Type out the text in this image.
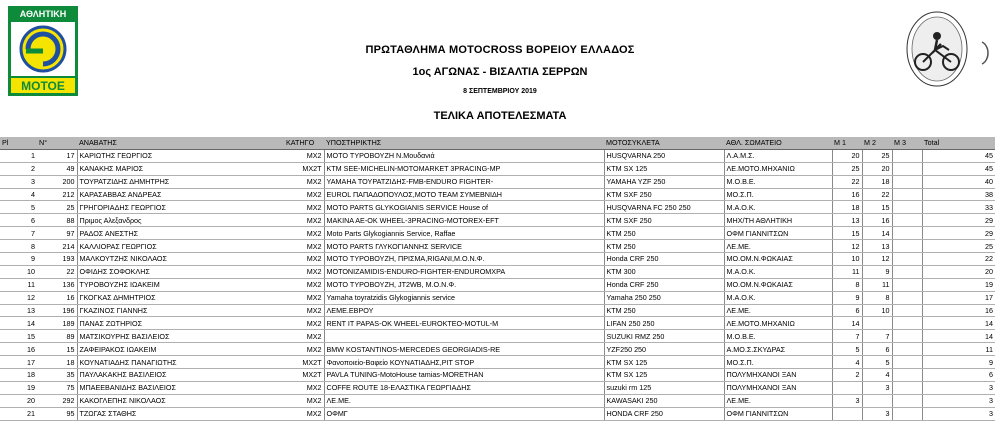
ΑΘΛΗΤΙΚΗ
MOTOE
ΠΡΩΤΑΘΛΗΜΑ MOTOCROSS ΒΟΡΕΙΟΥ ΕΛΛΑΔΟΣ
1ος ΑΓΩΝΑΣ - ΒΙΣΑΛΤΙΑ ΣΕΡΡΩΝ
8 ΣΕΠΤΕΜΒΡΙΟΥ 2019
ΤΕΛΙΚΑ ΑΠΟΤΕΛΕΣΜΑΤΑ
Pl	N°	ΑΝΑΒΑΤΗΣ	ΚΑΤΗΓΟ	ΥΠΟΣΤΗΡΙΚΤΗΣ	ΜΟΤΟΣΥΚΛΕΤΑ	ΑΘΛ. ΣΩΜΑΤΕΙΟ	Μ 1	Μ 2	Μ 3	Total
1	17	ΚΑΡΙΩΤΗΣ ΓΕΩΡΓΙΟΣ	MX2	MOTO ΤΥΡΟΒΟΥΖΗ Ν.Μουδανιά	HUSQVARNA 250	Λ.Α.Μ.Σ.	20	25		45
2	49	ΚΑΝΑΚΗΣ ΜΑΡΙΟΣ	MX2T	KTM SEE-MICHELIN-MOTOMARKET 3PRACING-MP	KTM SX 125	ΛΕ.ΜΟΤΟ.ΜΗΧΑΝΙΩ	25	20		45
3	200	ΤΟΥΡΑΤΖΙΔΗΣ ΔΗΜΗΤΡΗΣ	MX2	YAMAHA ΤΟΥΡΑΤΖΙΔΗΣ-FMB-ENDURO FIGHTER-	YAMAHA YZF 250	Μ.Ο.Β.Ε.	22	18		40
4	212	ΚΑΡΑΣΑΒΒΑΣ ΑΝΔΡΕΑΣ	MX2	EUROL ΠΑΠΑΔΟΠΟΥΛΟΣ,MOTO TEAM ΣΥΜΕΒΝΙΔΗ	KTM SXF 250	ΜΟ.Σ.Π.	16	22		38
5	25	ΓΡΗΓΟΡΙΑΔΗΣ ΓΕΩΡΓΙΟΣ	MX2	MOTO PARTS GLYKOGIANIS SERVICE House of	HUSQVARNA FC 250 250	Μ.Α.Ο.Κ.	18	15		33
6	88	Πριμος Αλεξανδρος	MX2	MAKINA AE-OK WHEEL-3PRACING-MOTOREX-EFT	KTM SXF 250	ΜΗΧ/ΤΗ ΑΘΛΗΤΙΚΗ	13	16		29
7	97	ΡΑΔΟΣ ΑΝΕΣΤΗΣ	MX2	Moto Parts Glykogiannis Service, Raffae	KTM 250	ΟΦΜ ΓΙΑΝΝΙΤΣΩΝ	15	14		29
8	214	ΚΑΛΛΙΟΡΑΣ ΓΕΩΡΓΙΟΣ	MX2	MOTO PARTS ΓΛΥΚΟΓΙΑΝΝΗΣ SERVICE	KTM 250	ΛΕ.ΜΕ.	12	13		25
9	193	ΜΑΛΚΟΥΤΖΗΣ ΝΙΚΟΛΑΟΣ	MX2	MOTO ΤΥΡΟΒΟΥΖΗ, ΠΡΙΣΜΑ,RIGANI,Μ.Ο.Ν.Φ.	Honda CRF 250	ΜΟ.ΟΜ.Ν.ΦΩΚΑΙΑΣ	10	12		22
10	22	ΟΦΙΔΗΣ ΣΟΦΟΚΛΗΣ	MX2	MOTONIZAMIDIS-ENDURO-FIGHTER-ENDUROMXPA	KTM 300	Μ.Α.Ο.Κ.	11	9		20
11	136	ΤΥΡΟΒΟΥΖΗΣ ΙΩΑΚΕΙΜ	MX2	MOTO ΤΥΡΟΒΟΥΖΗ, JT2WB, Μ.Ο.Ν.Φ.	Honda CRF 250	ΜΟ.ΟΜ.Ν.ΦΩΚΑΙΑΣ	8	11		19
12	16	ΓΚΟΓΚΑΣ ΔΗΜΗΤΡΙΟΣ	MX2	Yamaha toyratzidis Glykogiannis service	Yamaha 250 250	Μ.Α.Ο.Κ.	9	8		17
13	196	ΓΚΑΖΙΝΟΣ ΓΙΑΝΝΗΣ	MX2	ΛΕΜΕ.ΕΒΡΟΥ	KTM 250	ΛΕ.ΜΕ.	6	10		16
14	189	ΠΑΝΑΣ ΖΩΤΗΡΙΟΣ	MX2	RENT IT PAPAS-OK WHEEL-EUROKTEO-MOTUL-M	LIFAN 250 250	ΛΕ.ΜΟΤΟ.ΜΗΧΑΝΙΩ	14			14
15	89	ΜΑΤΣΙΚΟΥΡΗΣ ΒΑΣΙΛΕΙΟΣ	MX2		SUZUKI RMZ 250	Μ.Ο.Β.Ε.	7	7		14
16	15	ΖΑΦΕΙΡΑΚΟΣ ΙΩΑΚΕΙΜ	MX2	BMW KOSTANTINOS-MERCEDES GEORGIADIS-RE	YZF250 250	Α.ΜΟ.Σ.ΣΚΥΔΡΑΣ	5	6		11
17	18	ΚΟΥΝΑΤΙΑΔΗΣ ΠΑΝΑΓΙΩΤΗΣ	MX2T	Φανοποιείο-Βαφείο ΚΟΥΝΑΤΙΑΔΗΣ,PIT STOP	KTM SX 125	ΜΟ.Σ.Π.	4	5		9
18	35	ΠΑΥΛΑΚΑΚΗΣ ΒΑΣΙΛΕΙΟΣ	MX2T	PAVLA TUNING-MotoHouse tamias-MORETHAN	KTM SX 125	ΠΟΛΥΜΗΧΑΝΟΙ ΞΑΝ	2	4		6
19	75	ΜΠΑΕΕΒΑΝΙΔΗΣ ΒΑΣΙΛΕΙΟΣ	MX2	COFFE ROUTE 18-ΕΛΑΣΤΙΚΑ ΓΕΩΡΓΙΑΔΗΣ	suzuki rm 125	ΠΟΛΥΜΗΧΑΝΟΙ ΞΑΝ		3		3
20	292	ΚΑΚΟΓΛΕΠΗΣ ΝΙΚΟΛΑΟΣ	MX2	ΛΕ.ΜΕ.	KAWASAKI 250	ΛΕ.ΜΕ.	3			3
21	95	ΤΖΩΓΑΣ ΣΤΑΘΗΣ	MX2	ΟΦΜΓ	HONDA CRF 250	ΟΦΜ ΓΙΑΝΝΙΤΣΩΝ		3		3
